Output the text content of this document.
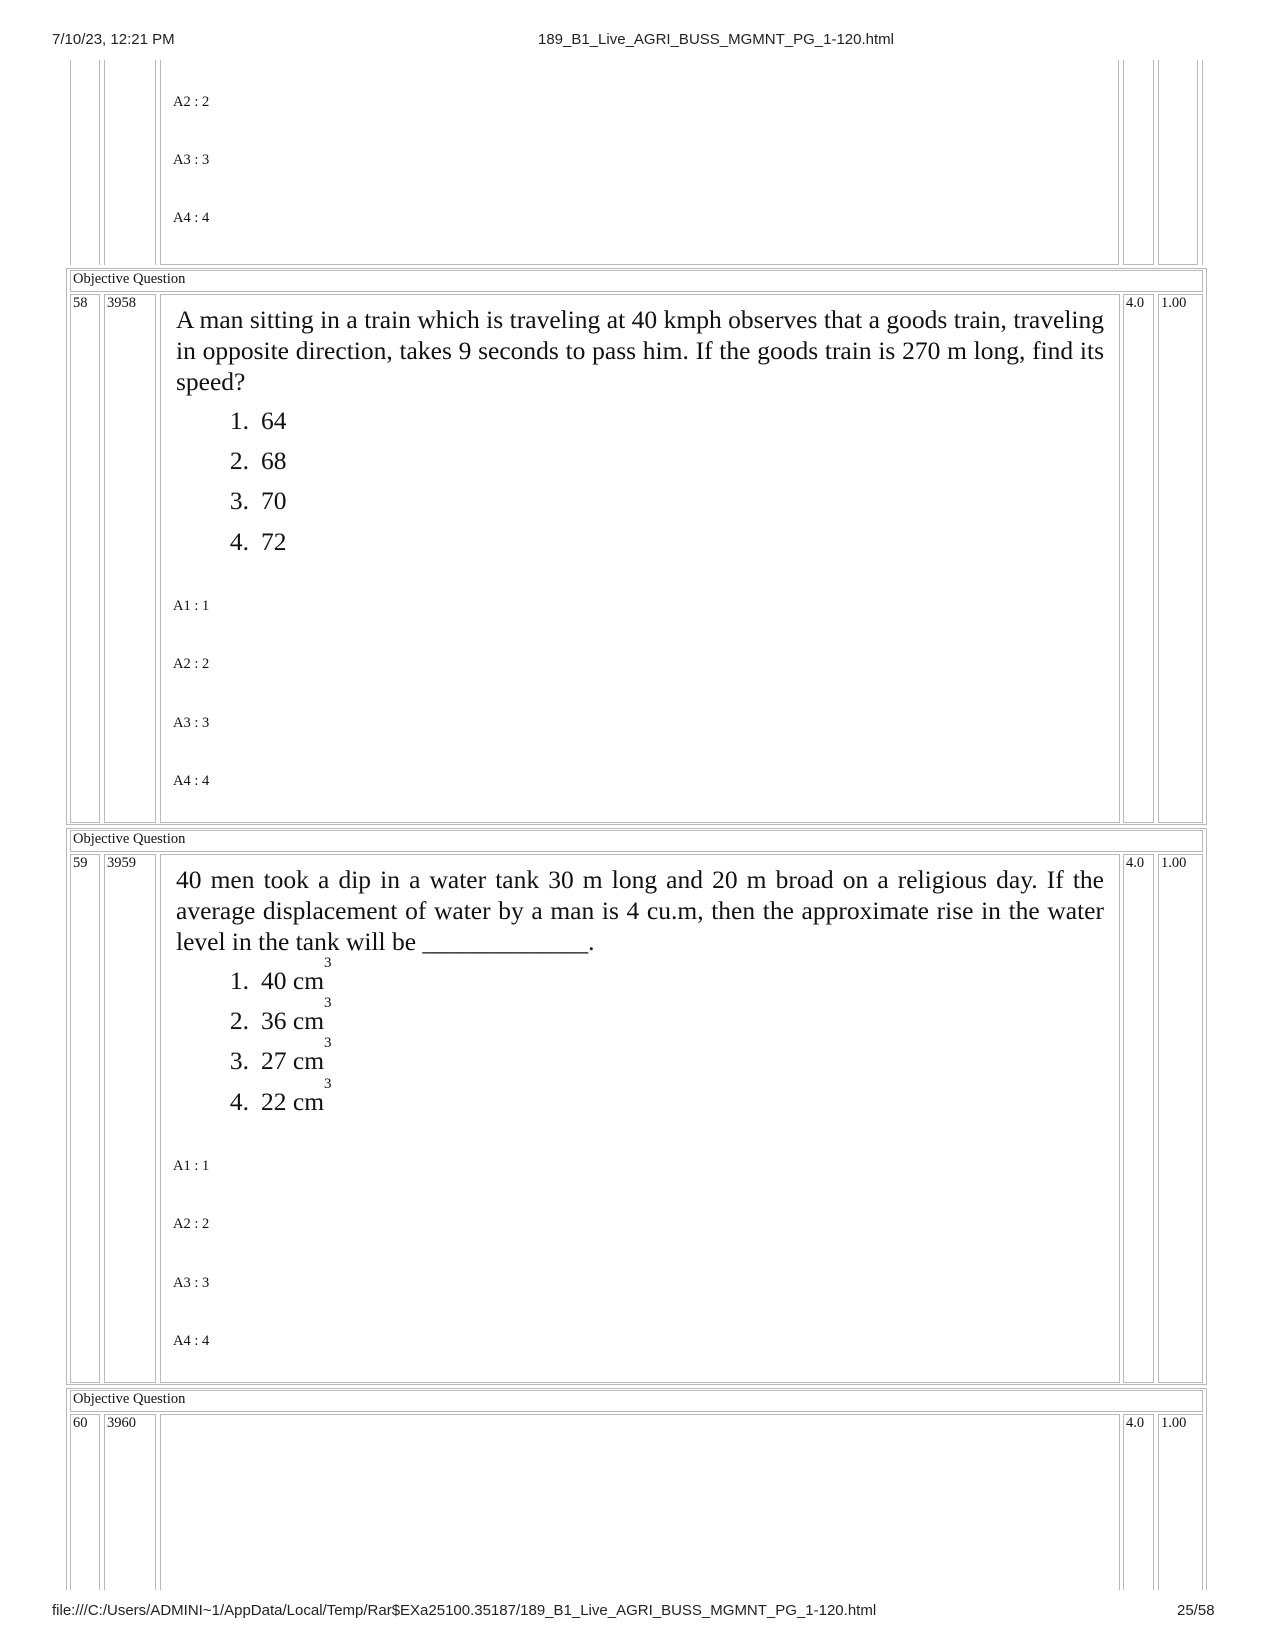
7/10/23, 12:21 PM	189_B1_Live_AGRI_BUSS_MGMNT_PG_1-120.html
A2 : 2
A3 : 3
A4 : 4
Objective Question
58 3958	4.0 1.00
A man sitting in a train which is traveling at 40 kmph observes that a goods train, traveling in opposite direction, takes 9 seconds to pass him. If the goods train is 270 m long, find its speed?
1. 64
2. 68
3. 70
4. 72
A1 : 1
A2 : 2
A3 : 3
A4 : 4
Objective Question
59 3959	4.0 1.00
40 men took a dip in a water tank 30 m long and 20 m broad on a religious day. If the average displacement of water by a man is 4 cu.m, then the approximate rise in the water level in the tank will be _____________.
1. 40 $cm^3$
2. 36 $cm^3$
3. 27 $cm^3$
4. 22 $cm^3$
A1 : 1
A2 : 2
A3 : 3
A4 : 4
Objective Question
60 3960	4.0 1.00
file:///C:/Users/ADMINI~1/AppData/Local/Temp/Rar$EXa25100.35187/189_B1_Live_AGRI_BUSS_MGMNT_PG_1-120.html	25/58
